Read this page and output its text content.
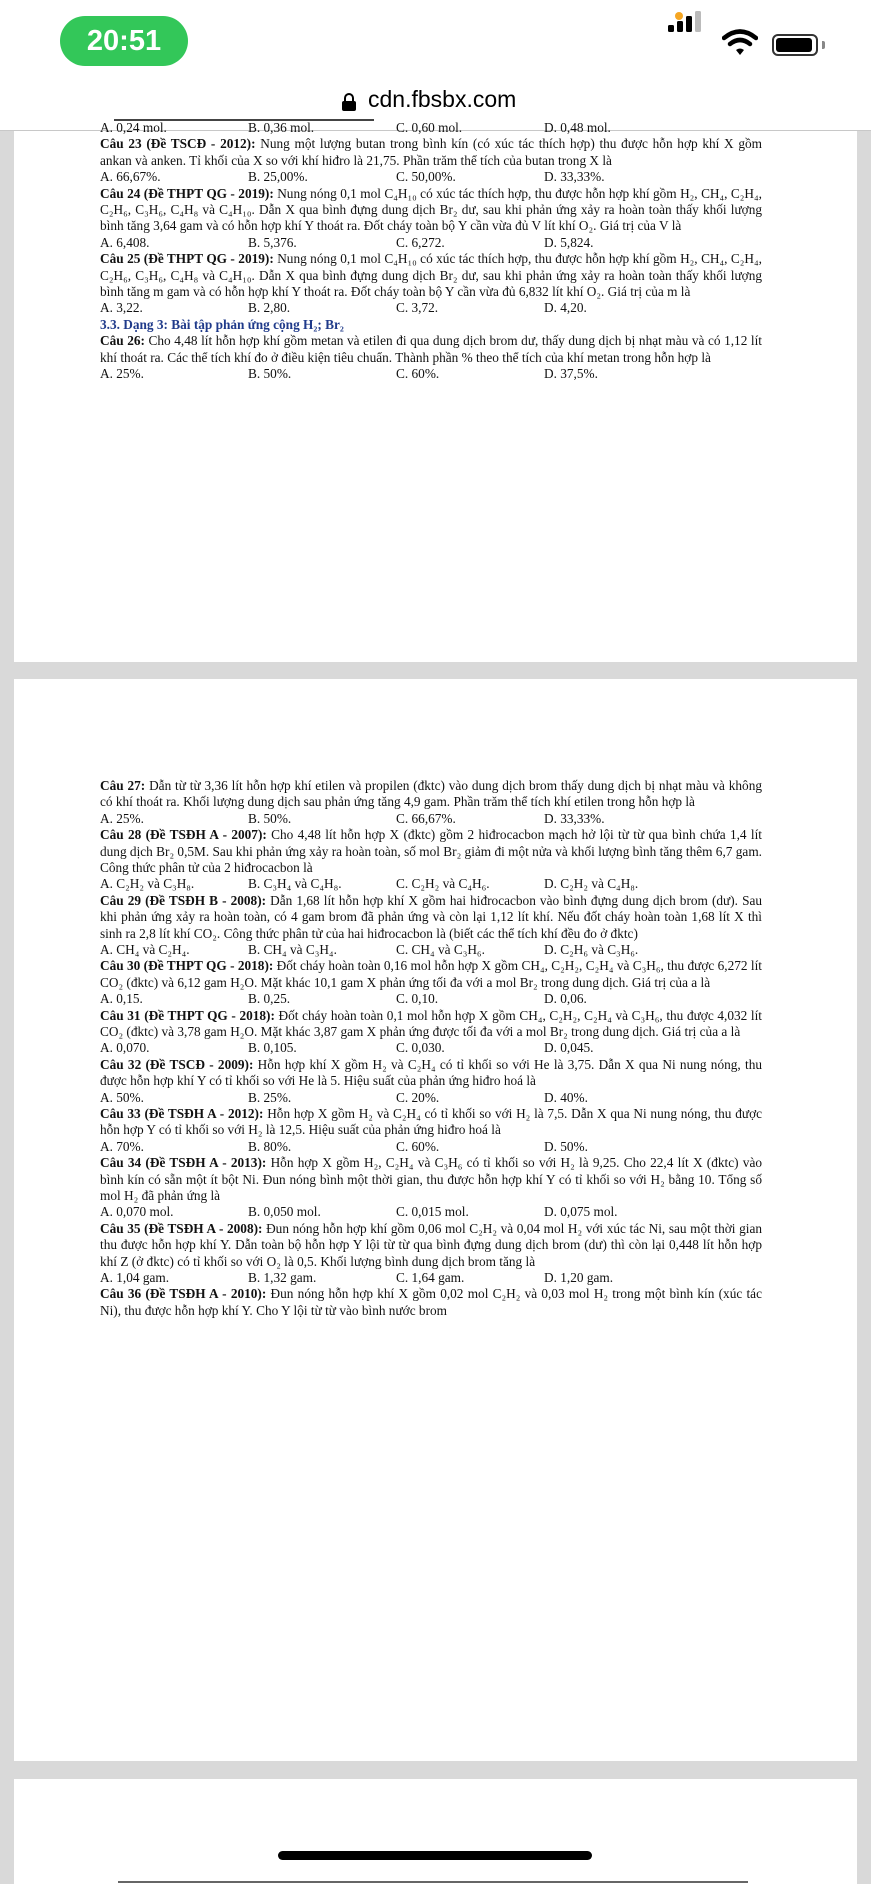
20:51
cdn.fbsbx.com
A. 0,24 mol.	B. 0,36 mol.	C. 0,60 mol.	D. 0,48 mol.

Câu 23 (Đề TSCĐ - 2012): Nung một lượng butan trong bình kín (có xúc tác thích hợp) thu được hỗn hợp khí X gồm ankan và anken. Tỉ khối của X so với khí hiđro là 21,75. Phần trăm thể tích của butan trong X là

A. 66,67%.	B. 25,00%.	C. 50,00%.	D. 33,33%.

Câu 24 (Đề THPT QG - 2019): Nung nóng 0,1 mol C₄H₁₀ có xúc tác thích hợp, thu được hỗn hợp khí gồm H₂, CH₄, C₂H₄, C₂H₆, C₃H₆, C₄H₈ và C₄H₁₀. Dẫn X qua bình đựng dung dịch Br₂ dư, sau khi phản ứng xảy ra hoàn toàn thấy khối lượng bình tăng 3,64 gam và có hỗn hợp khí Y thoát ra. Đốt cháy toàn bộ Y cần vừa đủ V lít khí O₂. Giá trị của V là

A. 6,408.	B. 5,376.	C. 6,272.	D. 5,824.

Câu 25 (Đề THPT QG - 2019): Nung nóng 0,1 mol C₄H₁₀ có xúc tác thích hợp, thu được hỗn hợp khí gồm H₂, CH₄, C₂H₄, C₂H₆, C₃H₆, C₄H₈ và C₄H₁₀. Dẫn X qua bình đựng dung dịch Br₂ dư, sau khi phản ứng xảy ra hoàn toàn thấy khối lượng bình tăng m gam và có hỗn hợp khí Y thoát ra. Đốt cháy toàn bộ Y cần vừa đủ 6,832 lít khí O₂. Giá trị của m là

A. 3,22.	B. 2,80.	C. 3,72.	D. 4,20.

3.3. Dạng 3: Bài tập phản ứng cộng H₂; Br₂

Câu 26: Cho 4,48 lít hỗn hợp khí gồm metan và etilen đi qua dung dịch brom dư, thấy dung dịch bị nhạt màu và có 1,12 lít khí thoát ra. Các thể tích khí đo ở điều kiện tiêu chuẩn. Thành phần % theo thể tích của khí metan trong hỗn hợp là

A. 25%.	B. 50%.	C. 60%.	D. 37,5%.

Câu 27: Dẫn từ từ 3,36 lít hỗn hợp khí etilen và propilen (đktc) vào dung dịch brom thấy dung dịch bị nhạt màu và không có khí thoát ra. Khối lượng dung dịch sau phản ứng tăng 4,9 gam. Phần trăm thể tích khí etilen trong hỗn hợp là

A. 25%.	B. 50%.	C. 66,67%.	D. 33,33%.

Câu 28 (Đề TSĐH A - 2007): Cho 4,48 lít hỗn hợp X (đktc) gồm 2 hiđrocacbon mạch hở lội từ từ qua bình chứa 1,4 lít dung dịch Br₂ 0,5M. Sau khi phản ứng xảy ra hoàn toàn, số mol Br₂ giảm đi một nửa và khối lượng bình tăng thêm 6,7 gam. Công thức phân tử của 2 hiđrocacbon là

A. C₂H₂ và C₃H₈.	B. C₃H₄ và C₄H₈.	C. C₂H₂ và C₄H₆.	D. C₂H₂ và C₄H₈.

Câu 29 (Đề TSĐH B - 2008): Dẫn 1,68 lít hỗn hợp khí X gồm hai hiđrocacbon vào bình đựng dung dịch brom (dư). Sau khi phản ứng xảy ra hoàn toàn, có 4 gam brom đã phản ứng và còn lại 1,12 lít khí. Nếu đốt cháy hoàn toàn 1,68 lít X thì sinh ra 2,8 lít khí CO₂. Công thức phân tử của hai hiđrocacbon là (biết các thể tích khí đều đo ở đktc)

A. CH₄ và C₂H₄.	B. CH₄ và C₃H₄.	C. CH₄ và C₃H₆.	D. C₂H₆ và C₃H₆.

Câu 30 (Đề THPT QG - 2018): Đốt cháy hoàn toàn 0,16 mol hỗn hợp X gồm CH₄, C₂H₂, C₂H₄ và C₃H₆, thu được 6,272 lít CO₂ (đktc) và 6,12 gam H₂O. Mặt khác 10,1 gam X phản ứng tối đa với a mol Br₂ trong dung dịch. Giá trị của a là

A. 0,15.	B. 0,25.	C. 0,10.	D. 0,06.

Câu 31 (Đề THPT QG - 2018): Đốt cháy hoàn toàn 0,1 mol hỗn hợp X gồm CH₄, C₂H₂, C₂H₄ và C₃H₆, thu được 4,032 lít CO₂ (đktc) và 3,78 gam H₂O. Mặt khác 3,87 gam X phản ứng được tối đa với a mol Br₂ trong dung dịch. Giá trị của a là

A. 0,070.	B. 0,105.	C. 0,030.	D. 0,045.

Câu 32 (Đề TSCĐ - 2009): Hỗn hợp khí X gồm H₂ và C₂H₄ có tỉ khối so với He là 3,75. Dẫn X qua Ni nung nóng, thu được hỗn hợp khí Y có tỉ khối so với He là 5. Hiệu suất của phản ứng hiđro hoá là

A. 50%.	B. 25%.	C. 20%.	D. 40%.

Câu 33 (Đề TSĐH A - 2012): Hỗn hợp X gồm H₂ và C₂H₄ có tỉ khối so với H₂ là 7,5. Dẫn X qua Ni nung nóng, thu được hỗn hợp Y có tỉ khối so với H₂ là 12,5. Hiệu suất của phản ứng hiđro hoá là

A. 70%.	B. 80%.	C. 60%.	D. 50%.

Câu 34 (Đề TSĐH A - 2013): Hỗn hợp X gồm H₂, C₂H₄ và C₃H₆ có tỉ khối so với H₂ là 9,25. Cho 22,4 lít X (đktc) vào bình kín có sẵn một ít bột Ni. Đun nóng bình một thời gian, thu được hỗn hợp khí Y có tỉ khối so với H₂ bằng 10. Tổng số mol H₂ đã phản ứng là

A. 0,070 mol.	B. 0,050 mol.	C. 0,015 mol.	D. 0,075 mol.

Câu 35 (Đề TSĐH A - 2008): Đun nóng hỗn hợp khí gồm 0,06 mol C₂H₂ và 0,04 mol H₂ với xúc tác Ni, sau một thời gian thu được hỗn hợp khí Y. Dẫn toàn bộ hỗn hợp Y lội từ từ qua bình đựng dung dịch brom (dư) thì còn lại 0,448 lít hỗn hợp khí Z (ở đktc) có tỉ khối so với O₂ là 0,5. Khối lượng bình dung dịch brom tăng là

A. 1,04 gam.	B. 1,32 gam.	C. 1,64 gam.	D. 1,20 gam.

Câu 36 (Đề TSĐH A - 2010): Đun nóng hỗn hợp khí X gồm 0,02 mol C₂H₂ và 0,03 mol H₂ trong một bình kín (xúc tác Ni), thu được hỗn hợp khí Y. Cho Y lội từ từ vào bình nước brom
